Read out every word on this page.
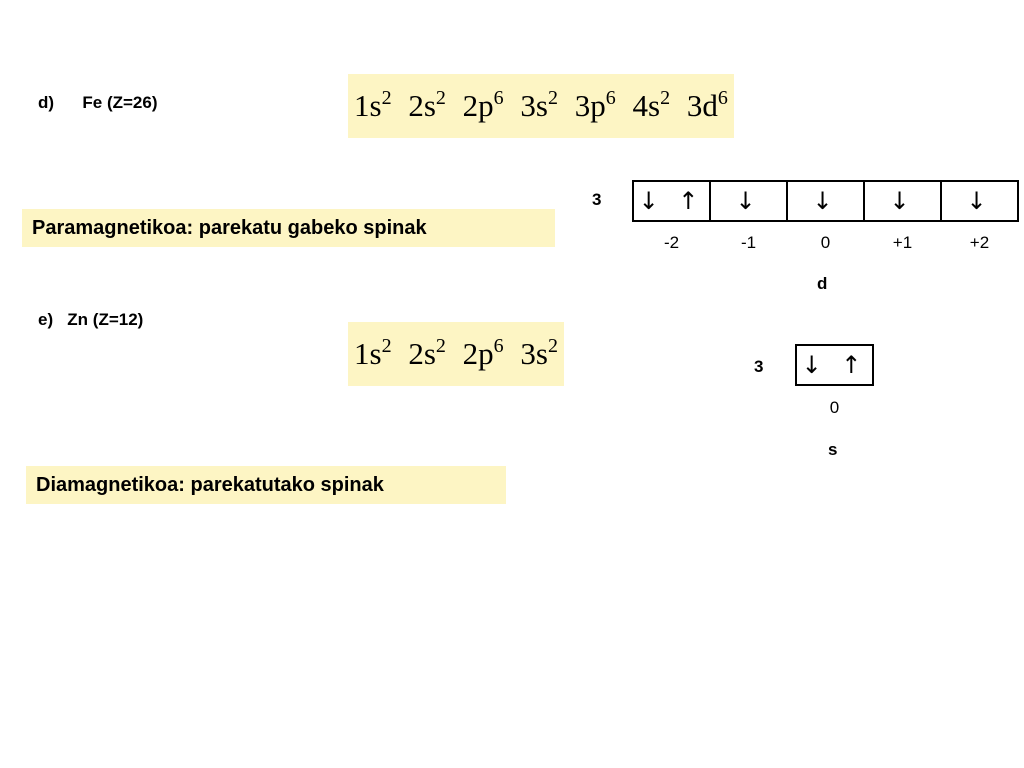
d)      Fe (Z=26)	$1s^2$ $2s^2$ $2p^6$ $3s^2$ $3p^6$ $4s^2$ $3d^6$
Paramagnetikoa: parekatu gabeko spinak
3 ↓ ↑	↓	↓	↓	↓
-2	-1	0	+1	+2
d
e)   Zn (Z=12)
$1s^2$ $2s^2$ $2p^6$ $3s^2$
3 ↓ ↑
0
s
Diamagnetikoa: parekatutako spinak
